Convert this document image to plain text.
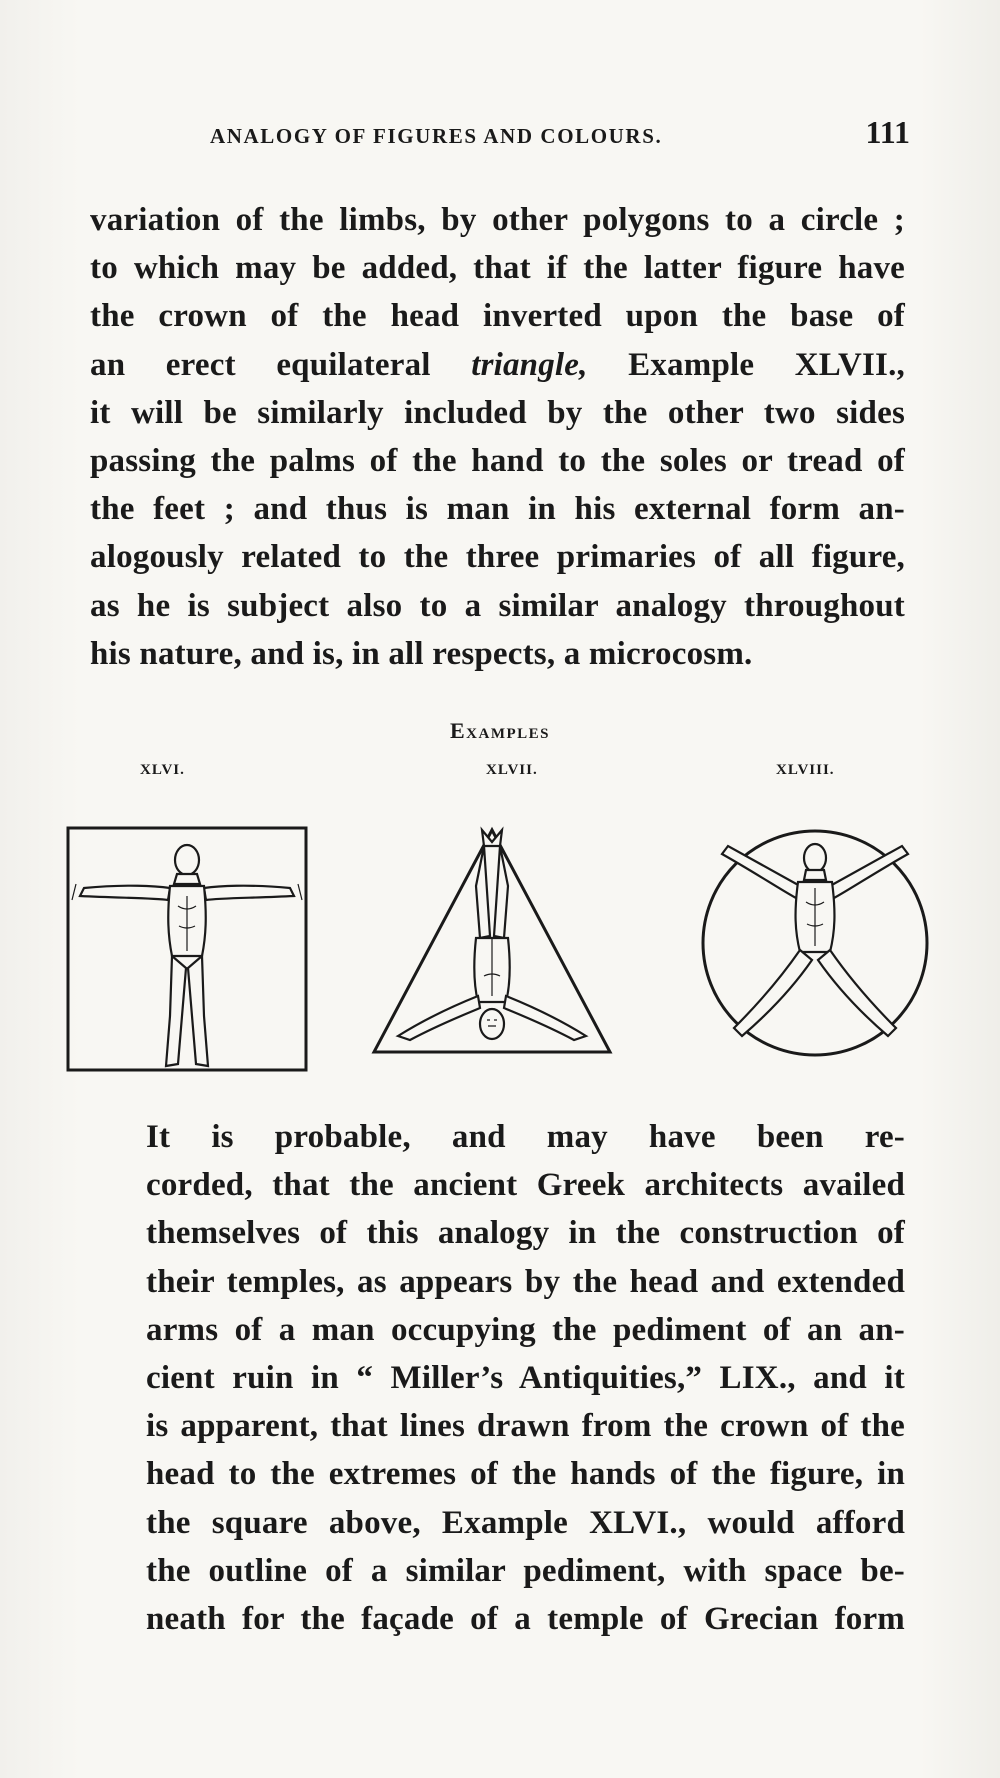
ANALOGY OF FIGURES AND COLOURS.	111
variation of the limbs, by other polygons to a circle ;
to which may be added, that if the latter figure have
the crown of the head inverted upon the base of
an erect equilateral triangle, Example XLVII.,
it will be similarly included by the other two sides
passing the palms of the hand to the soles or tread of
the feet ; and thus is man in his external form an-
alogously related to the three primaries of all figure,
as he is subject also to a similar analogy throughout
his nature, and is, in all respects, a microcosm.
Examples
XLVI.	XLVII.	XLVIII.
It is probable, and may have been re-
corded, that the ancient Greek architects availed
themselves of this analogy in the construction of
their temples, as appears by the head and extended
arms of a man occupying the pediment of an an-
cient ruin in “ Miller’s Antiquities,” LIX., and it
is apparent, that lines drawn from the crown of the
head to the extremes of the hands of the figure, in
the square above, Example XLVI., would afford
the outline of a similar pediment, with space be-
neath for the façade of a temple of Grecian form
